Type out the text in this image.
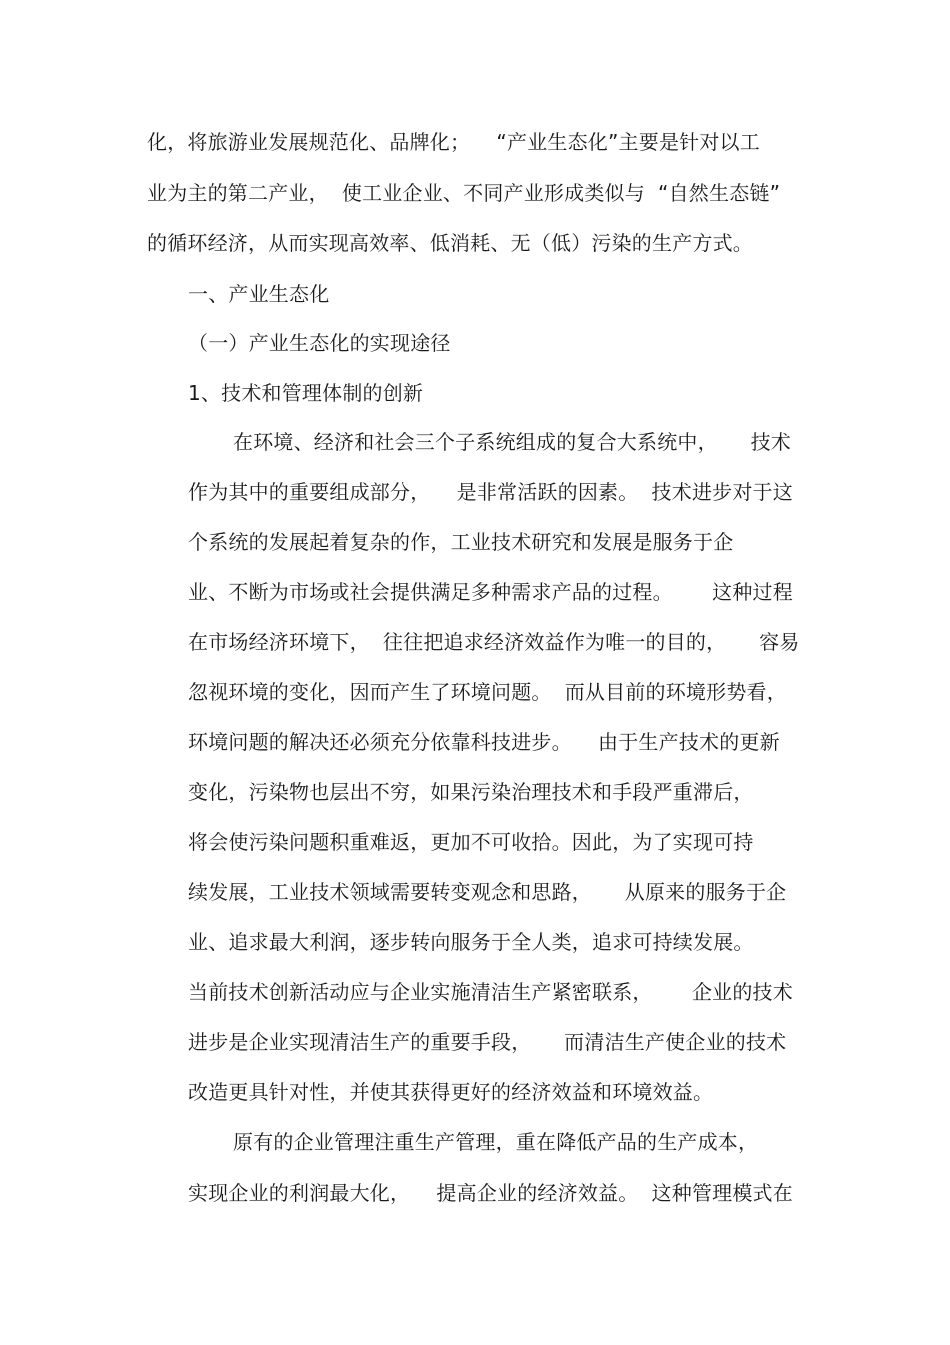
化，将旅游业发展规范化、品牌化；    “产业生态化”主要是针对以工
业为主的第二产业，  使工业企业、不同产业形成类似与  “自然生态链”
的循环经济，从而实现高效率、低消耗、无（低）污染的生产方式。
一、产业生态化
（一）产业生态化的实现途径
1、技术和管理体制的创新
在环境、经济和社会三个子系统组成的复合大系统中，     技术
作为其中的重要组成部分，    是非常活跃的因素。  技术进步对于这
个系统的发展起着复杂的作，工业技术研究和发展是服务于企
业、不断为市场或社会提供满足多种需求产品的过程。      这种过程
在市场经济环境下，  往往把追求经济效益作为唯一的目的，     容易
忽视环境的变化，因而产生了环境问题。  而从目前的环境形势看，
环境问题的解决还必须充分依靠科技进步。    由于生产技术的更新
变化，污染物也层出不穷，如果污染治理技术和手段严重滞后，
将会使污染问题积重难返，更加不可收拾。因此，为了实现可持
续发展，工业技术领域需要转变观念和思路，     从原来的服务于企
业、追求最大利润，逐步转向服务于全人类，追求可持续发展。
当前技术创新活动应与企业实施清洁生产紧密联系，      企业的技术
进步是企业实现清洁生产的重要手段，     而清洁生产使企业的技术
改造更具针对性，并使其获得更好的经济效益和环境效益。
原有的企业管理注重生产管理，重在降低产品的生产成本，
实现企业的利润最大化，    提高企业的经济效益。  这种管理模式在
